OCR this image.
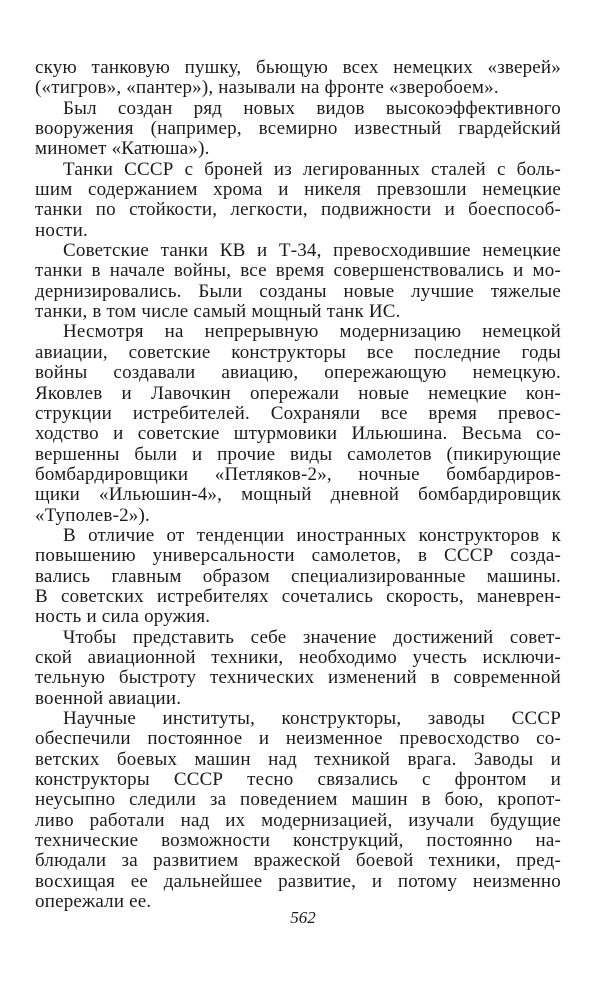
скую танковую пушку, бьющую всех немецких «зверей»
(«тигров», «пантер»), называли на фронте «зверобоем».
Был создан ряд новых видов высокоэффективного
вооружения (например, всемирно известный гвардейский
миномет «Катюша»).
Танки СССР с броней из легированных сталей с боль-
шим содержанием хрома и никеля превзошли немецкие
танки по стойкости, легкости, подвижности и боеспособ-
ности.
Советские танки КВ и Т-34, превосходившие немецкие
танки в начале войны, все время совершенствовались и мо-
дернизировались. Были созданы новые лучшие тяжелые
танки, в том числе самый мощный танк ИС.
Несмотря на непрерывную модернизацию немецкой
авиации, советские конструкторы все последние годы
войны создавали авиацию, опережающую немецкую.
Яковлев и Лавочкин опережали новые немецкие кон-
струкции истребителей. Сохраняли все время превос-
ходство и советские штурмовики Ильюшина. Весьма со-
вершенны были и прочие виды самолетов (пикирующие
бомбардировщики «Петляков-2», ночные бомбардиров-
щики «Ильюшин-4», мощный дневной бомбардировщик
«Туполев-2»).
В отличие от тенденции иностранных конструкторов к
повышению универсальности самолетов, в СССР созда-
вались главным образом специализированные машины.
В советских истребителях сочетались скорость, маневрен-
ность и сила оружия.
Чтобы представить себе значение достижений совет-
ской авиационной техники, необходимо учесть исключи-
тельную быстроту технических изменений в современной
военной авиации.
Научные институты, конструкторы, заводы СССР
обеспечили постоянное и неизменное превосходство со-
ветских боевых машин над техникой врага. Заводы и
конструкторы СССР тесно связались с фронтом и
неусыпно следили за поведением машин в бою, кропот-
ливо работали над их модернизацией, изучали будущие
технические возможности конструкций, постоянно на-
блюдали за развитием вражеской боевой техники, пред-
восхищая ее дальнейшее развитие, и потому неизменно
опережали ее.
562
